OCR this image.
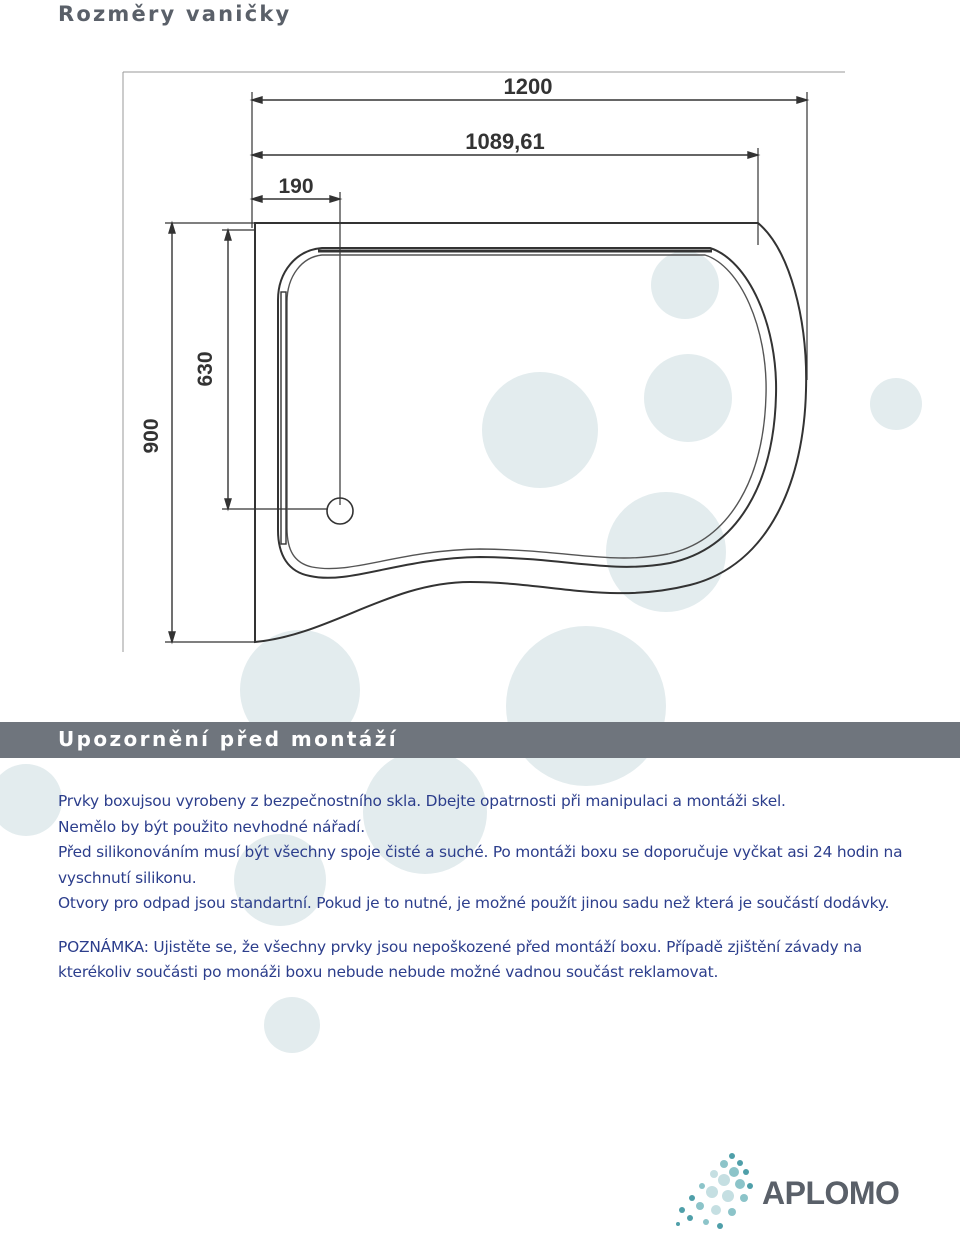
Rozměry vaničky
1200
1089,61
190
630
900
Upozornění před montáží

Prvky boxujsou vyrobeny z bezpečnostního skla. Dbejte opatrnosti při manipulaci a montáži skel.

Nemělo by být použito nevhodné nářadí.

Před silikonováním musí být všechny spoje čisté a suché. Po montáži boxu se doporučuje vyčkat asi 24 hodin na vyschnutí silikonu.

Otvory pro odpad jsou standartní. Pokud je to nutné, je možné použít jinou sadu než která je součástí dodávky.

POZNÁMKA: Ujistěte se, že všechny prvky jsou nepoškozené před montáží boxu. Případě zjištění závady na kterékoliv součásti po monáži boxu nebude nebude možné vadnou součást reklamovat.

APLOMO
